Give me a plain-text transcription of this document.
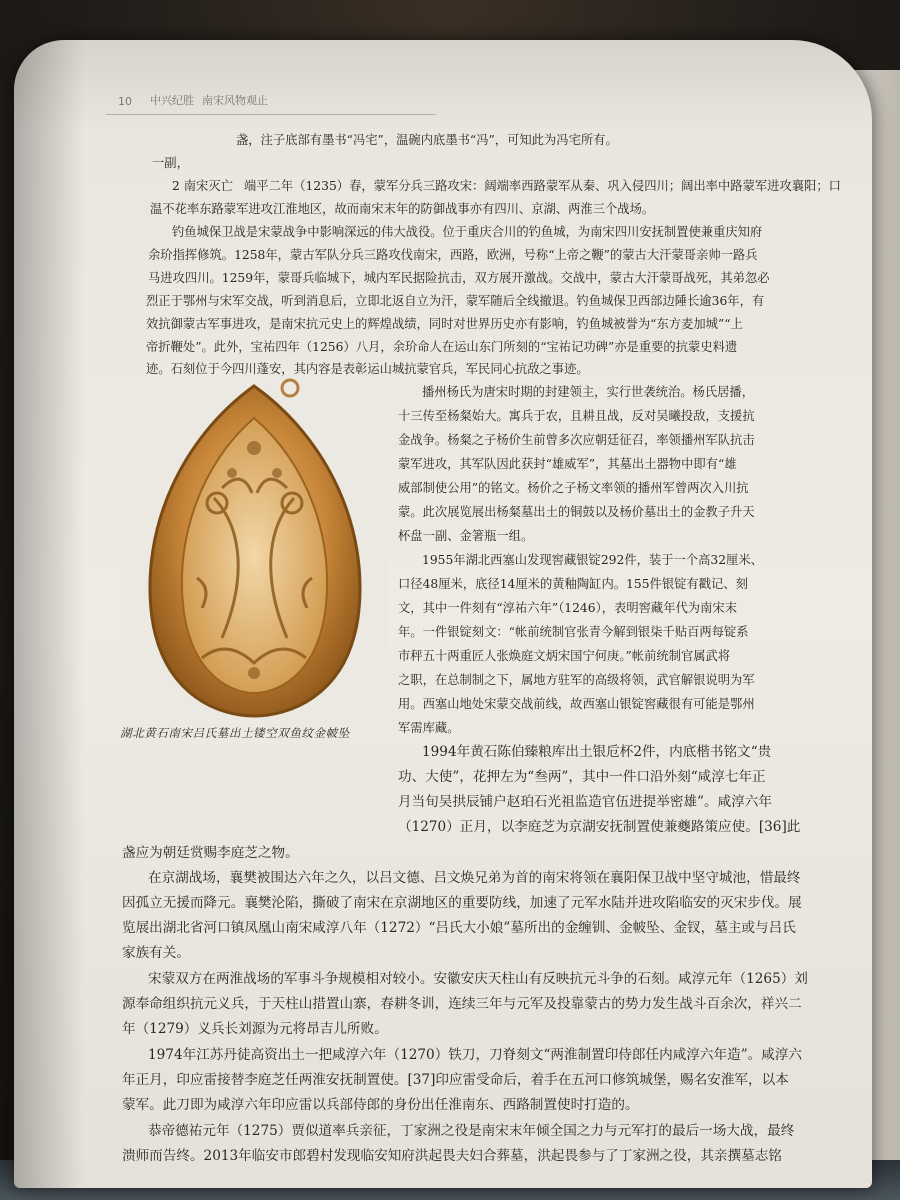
10 中兴纪胜 南宋风物观止
盏，注子底部有墨书“冯宅”，温碗内底墨书“冯”，可知此为冯宅所有。
一副，
2 南宋灭亡 端平二年（1235）春，蒙军分兵三路攻宋：阔端率西路蒙军从秦、巩入侵四川；阔出率中路蒙军进攻襄阳；口
温不花率东路蒙军进攻江淮地区，故而南宋末年的防御战事亦有四川、京湖、两淮三个战场。
钓鱼城保卫战是宋蒙战争中影响深远的伟大战役。位于重庆合川的钓鱼城，为南宋四川安抚制置使兼重庆知府
余玠指挥修筑。1258年，蒙古军队分兵三路攻伐南宋，西路，欧洲，号称“上帝之鞭”的蒙古大汗蒙哥亲帅一路兵
马进攻四川。1259年，蒙哥兵临城下，城内军民据险抗击，双方展开激战。交战中，蒙古大汗蒙哥战死，其弟忽必
烈正于鄂州与宋军交战，听到消息后，立即北返自立为汗，蒙军随后全线撤退。钓鱼城保卫西部边陲长逾36年，有
效抗御蒙古军事进攻，是南宋抗元史上的辉煌战绩，同时对世界历史亦有影响，钓鱼城被誉为“东方麦加城”“上
帝折鞭处”。此外，宝祐四年（1256）八月，余玠命人在运山东门所刻的“宝祐记功碑”亦是重要的抗蒙史料遗
迹。石刻位于今四川蓬安，其内容是表彰运山城抗蒙官兵，军民同心抗敌之事迹。
湖北黄石南宋吕氏墓出土镂空双鱼纹金帔坠
播州杨氏为唐宋时期的封建领主，实行世袭统治。杨氏居播，
十三传至杨粲始大。寓兵于农，且耕且战，反对吴曦投敌，支援抗
金战争。杨粲之子杨价生前曾多次应朝廷征召，率领播州军队抗击
蒙军进攻，其军队因此获封“雄威军”，其墓出土器物中即有“雄
威部制使公用”的铭文。杨价之子杨文率领的播州军曾两次入川抗
蒙。此次展览展出杨粲墓出土的铜鼓以及杨价墓出土的金教子升天
杯盘一副、金箸瓶一组。
1955年湖北西塞山发现窖藏银锭292件，装于一个高32厘米、
口径48厘米，底径14厘米的黄釉陶缸内。155件银锭有戳记、刻
文，其中一件刻有“淳祐六年”（1246），表明窖藏年代为南宋末
年。一件银锭刻文：“帐前统制官张青今解到银柒千贴百两每锭系
市秤五十两重匠人张焕庭文炳宋国宁何庚。”帐前统制官属武将
之职，在总制制之下，属地方驻军的高级将领，武官解银说明为军
用。西塞山地处宋蒙交战前线，故西塞山银锭窖藏很有可能是鄂州
军需库藏。
1994年黄石陈伯臻粮库出土银卮杯2件，内底楷书铭文“贵
功、大使”，花押左为“叁两”，其中一件口沿外刻“咸淳七年正
月当旬吴拱辰铺户赵珀石光祖监造官伍进提举密雄”。咸淳六年
（1270）正月，以李庭芝为京湖安抚制置使兼夔路策应使。[36]此
盏应为朝廷赏赐李庭芝之物。
在京湖战场，襄樊被围达六年之久，以吕文德、吕文焕兄弟为首的南宋将领在襄阳保卫战中坚守城池，惜最终
因孤立无援而降元。襄樊沦陷，撕破了南宋在京湖地区的重要防线，加速了元军水陆并进攻陷临安的灭宋步伐。展
览展出湖北省河口镇凤凰山南宋咸淳八年（1272）“吕氏大小娘”墓所出的金缠钏、金帔坠、金钗，墓主或与吕氏
家族有关。
宋蒙双方在两淮战场的军事斗争规模相对较小。安徽安庆天柱山有反映抗元斗争的石刻。咸淳元年（1265）刘
源奉命组织抗元义兵，于天柱山措置山寨，春耕冬训，连续三年与元军及投靠蒙古的势力发生战斗百余次，祥兴二
年（1279）义兵长刘源为元将昂吉儿所败。
1974年江苏丹徒高资出土一把咸淳六年（1270）铁刀，刀脊刻文“两淮制置印侍郎任内咸淳六年造”。咸淳六
年正月，印应雷接替李庭芝任两淮安抚制置使。[37]印应雷受命后，着手在五河口修筑城堡，赐名安淮军，以本
蒙军。此刀即为咸淳六年印应雷以兵部侍郎的身份出任淮南东、西路制置使时打造的。
恭帝德祐元年（1275）贾似道率兵亲征，丁家洲之役是南宋末年倾全国之力与元军打的最后一场大战，最终
溃师而告终。2013年临安市郎碧村发现临安知府洪起畏夫妇合葬墓，洪起畏参与了丁家洲之役，其亲撰墓志铭
